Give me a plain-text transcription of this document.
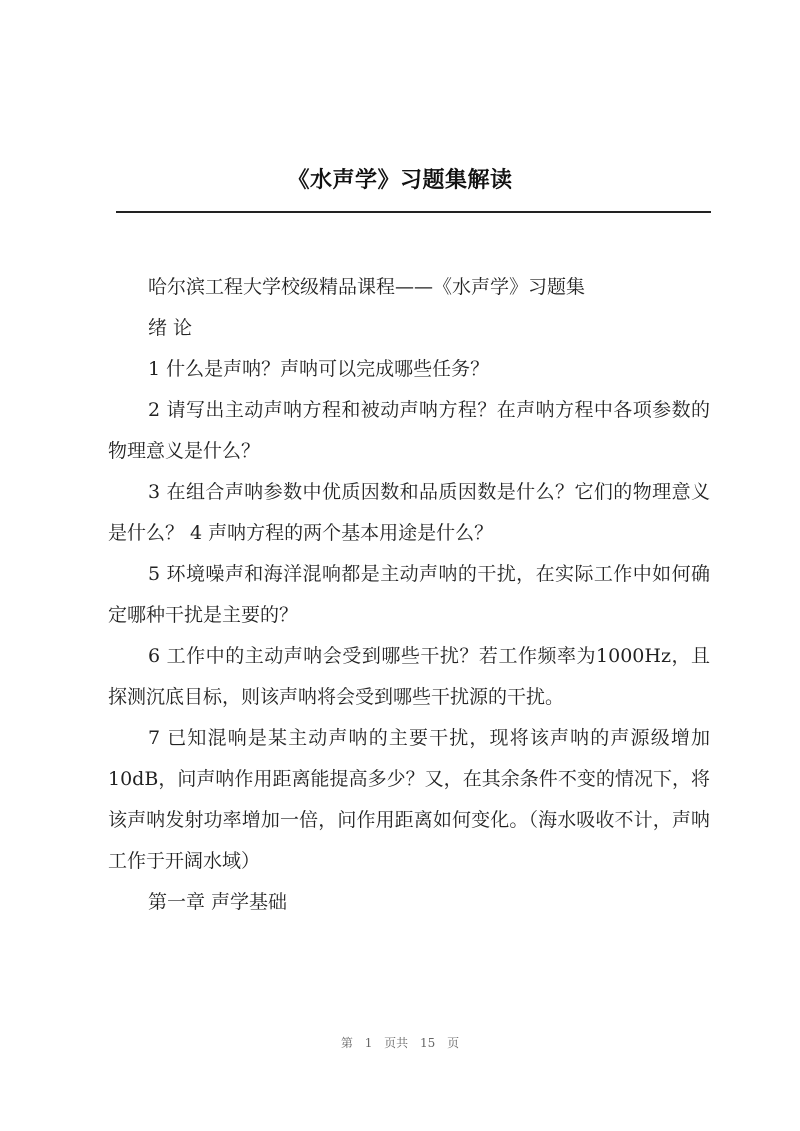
《水声学》习题集解读

哈尔滨工程大学校级精品课程——《水声学》习题集

绪 论

1 什么是声呐？声呐可以完成哪些任务？

2 请写出主动声呐方程和被动声呐方程？在声呐方程中各项参数的物理意义是什么？

3 在组合声呐参数中优质因数和品质因数是什么？它们的物理意义是什么？ 4 声呐方程的两个基本用途是什么？

5 环境噪声和海洋混响都是主动声呐的干扰，在实际工作中如何确定哪种干扰是主要的？

6 工作中的主动声呐会受到哪些干扰？若工作频率为1000Hz，且探测沉底目标，则该声呐将会受到哪些干扰源的干扰。

7 已知混响是某主动声呐的主要干扰，现将该声呐的声源级增加 10dB，问声呐作用距离能提高多少？又，在其余条件不变的情况下，将该声呐发射功率增加一倍，问作用距离如何变化。（海水吸收不计，声呐工作于开阔水域）

第一章 声学基础

第 1 页共 15 页
